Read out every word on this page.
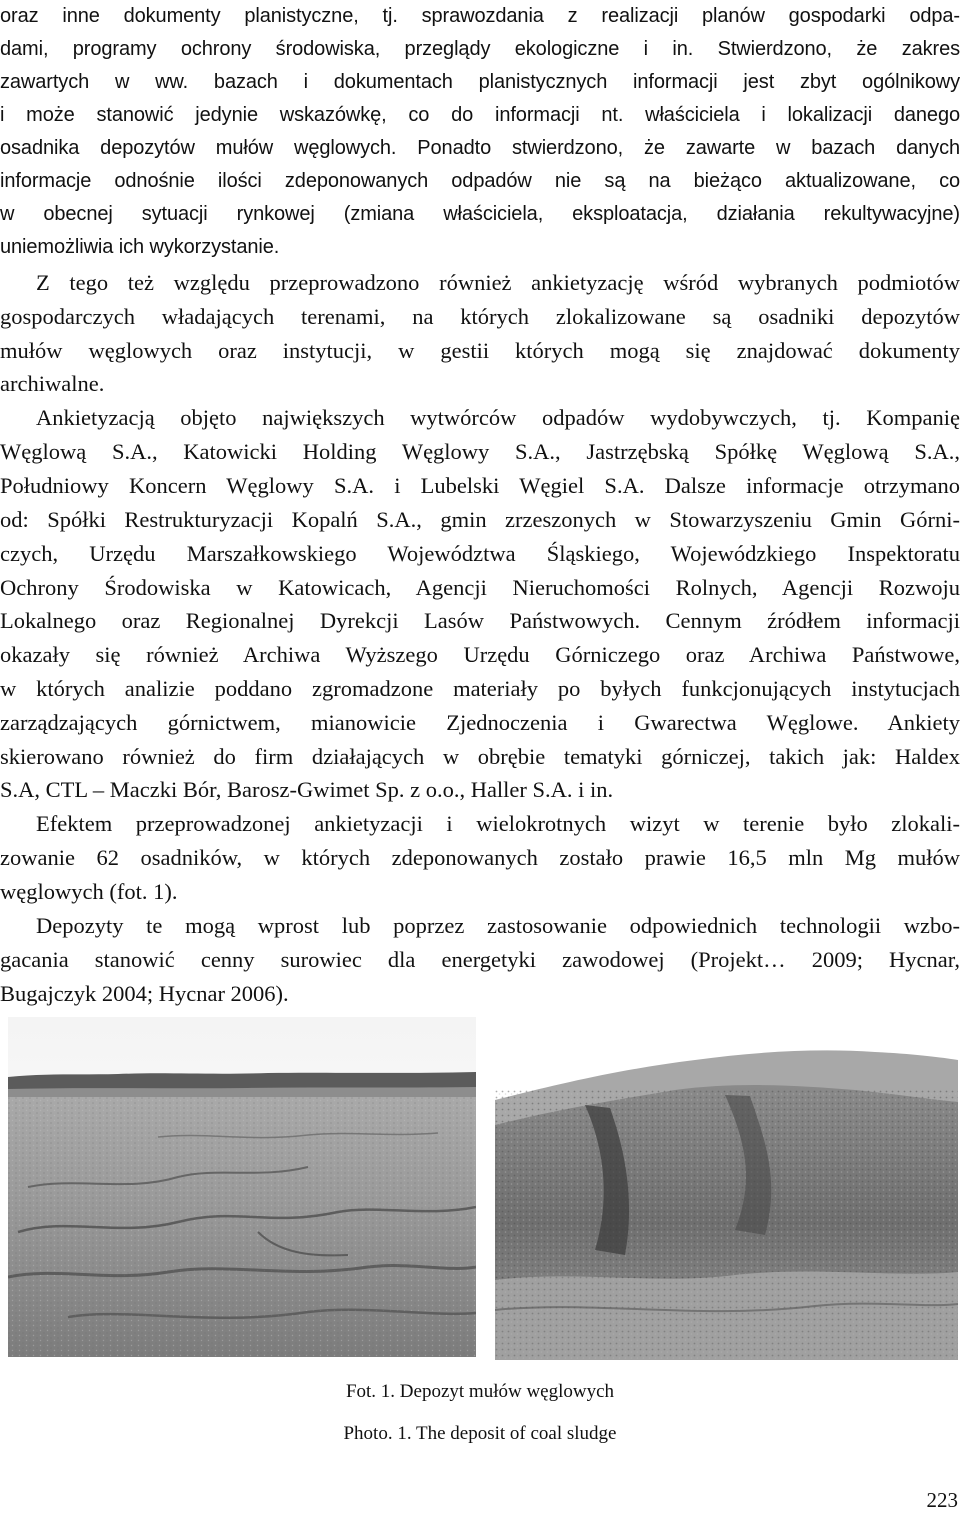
oraz inne dokumenty planistyczne, tj. sprawozdania z realizacji planów gospodarki odpa-

dami, programy ochrony środowiska, przeglądy ekologiczne i in. Stwierdzono, że zakres

zawartych w ww. bazach i dokumentach planistycznych informacji jest zbyt ogólnikowy

i może stanowić jedynie wskazówkę, co do informacji nt. właściciela i lokalizacji danego

osadnika depozytów mułów węglowych. Ponadto stwierdzono, że zawarte w bazach danych

informacje odnośnie ilości zdeponowanych odpadów nie są na bieżąco aktualizowane, co

w obecnej sytuacji rynkowej (zmiana właściciela, eksploatacja, działania rekultywacyjne)

uniemożliwia ich wykorzystanie.

Z tego też względu przeprowadzono również ankietyzację wśród wybranych podmiotów

gospodarczych władających terenami, na których zlokalizowane są osadniki depozytów

mułów węglowych oraz instytucji, w gestii których mogą się znajdować dokumenty

archiwalne.

Ankietyzacją objęto największych wytwórców odpadów wydobywczych, tj. Kompanię

Węglową S.A., Katowicki Holding Węglowy S.A., Jastrzębską Spółkę Węglową S.A.,

Południowy Koncern Węglowy S.A. i Lubelski Węgiel S.A. Dalsze informacje otrzymano

od: Spółki Restrukturyzacji Kopalń S.A., gmin zrzeszonych w Stowarzyszeniu Gmin Górni-

czych, Urzędu Marszałkowskiego Województwa Śląskiego, Wojewódzkiego Inspektoratu

Ochrony Środowiska w Katowicach, Agencji Nieruchomości Rolnych, Agencji Rozwoju

Lokalnego oraz Regionalnej Dyrekcji Lasów Państwowych. Cennym źródłem informacji

okazały się również Archiwa Wyższego Urzędu Górniczego oraz Archiwa Państwowe,

w których analizie poddano zgromadzone materiały po byłych funkcjonujących instytucjach

zarządzających górnictwem, mianowicie Zjednoczenia i Gwarectwa Węglowe. Ankiety

skierowano również do firm działających w obrębie tematyki górniczej, takich jak: Haldex

S.A, CTL – Maczki Bór, Barosz-Gwimet Sp. z o.o., Haller S.A. i in.

Efektem przeprowadzonej ankietyzacji i wielokrotnych wizyt w terenie było zlokali-

zowanie 62 osadników, w których zdeponowanych zostało prawie 16,5 mln Mg mułów

węglowych (fot. 1).

Depozyty te mogą wprost lub poprzez zastosowanie odpowiednich technologii wzbo-

gacania stanowić cenny surowiec dla energetyki zawodowej (Projekt… 2009; Hycnar,

Bugajczyk 2004; Hycnar 2006).

Fot. 1. Depozyt mułów węglowych
Photo. 1. The deposit of coal sludge
223
